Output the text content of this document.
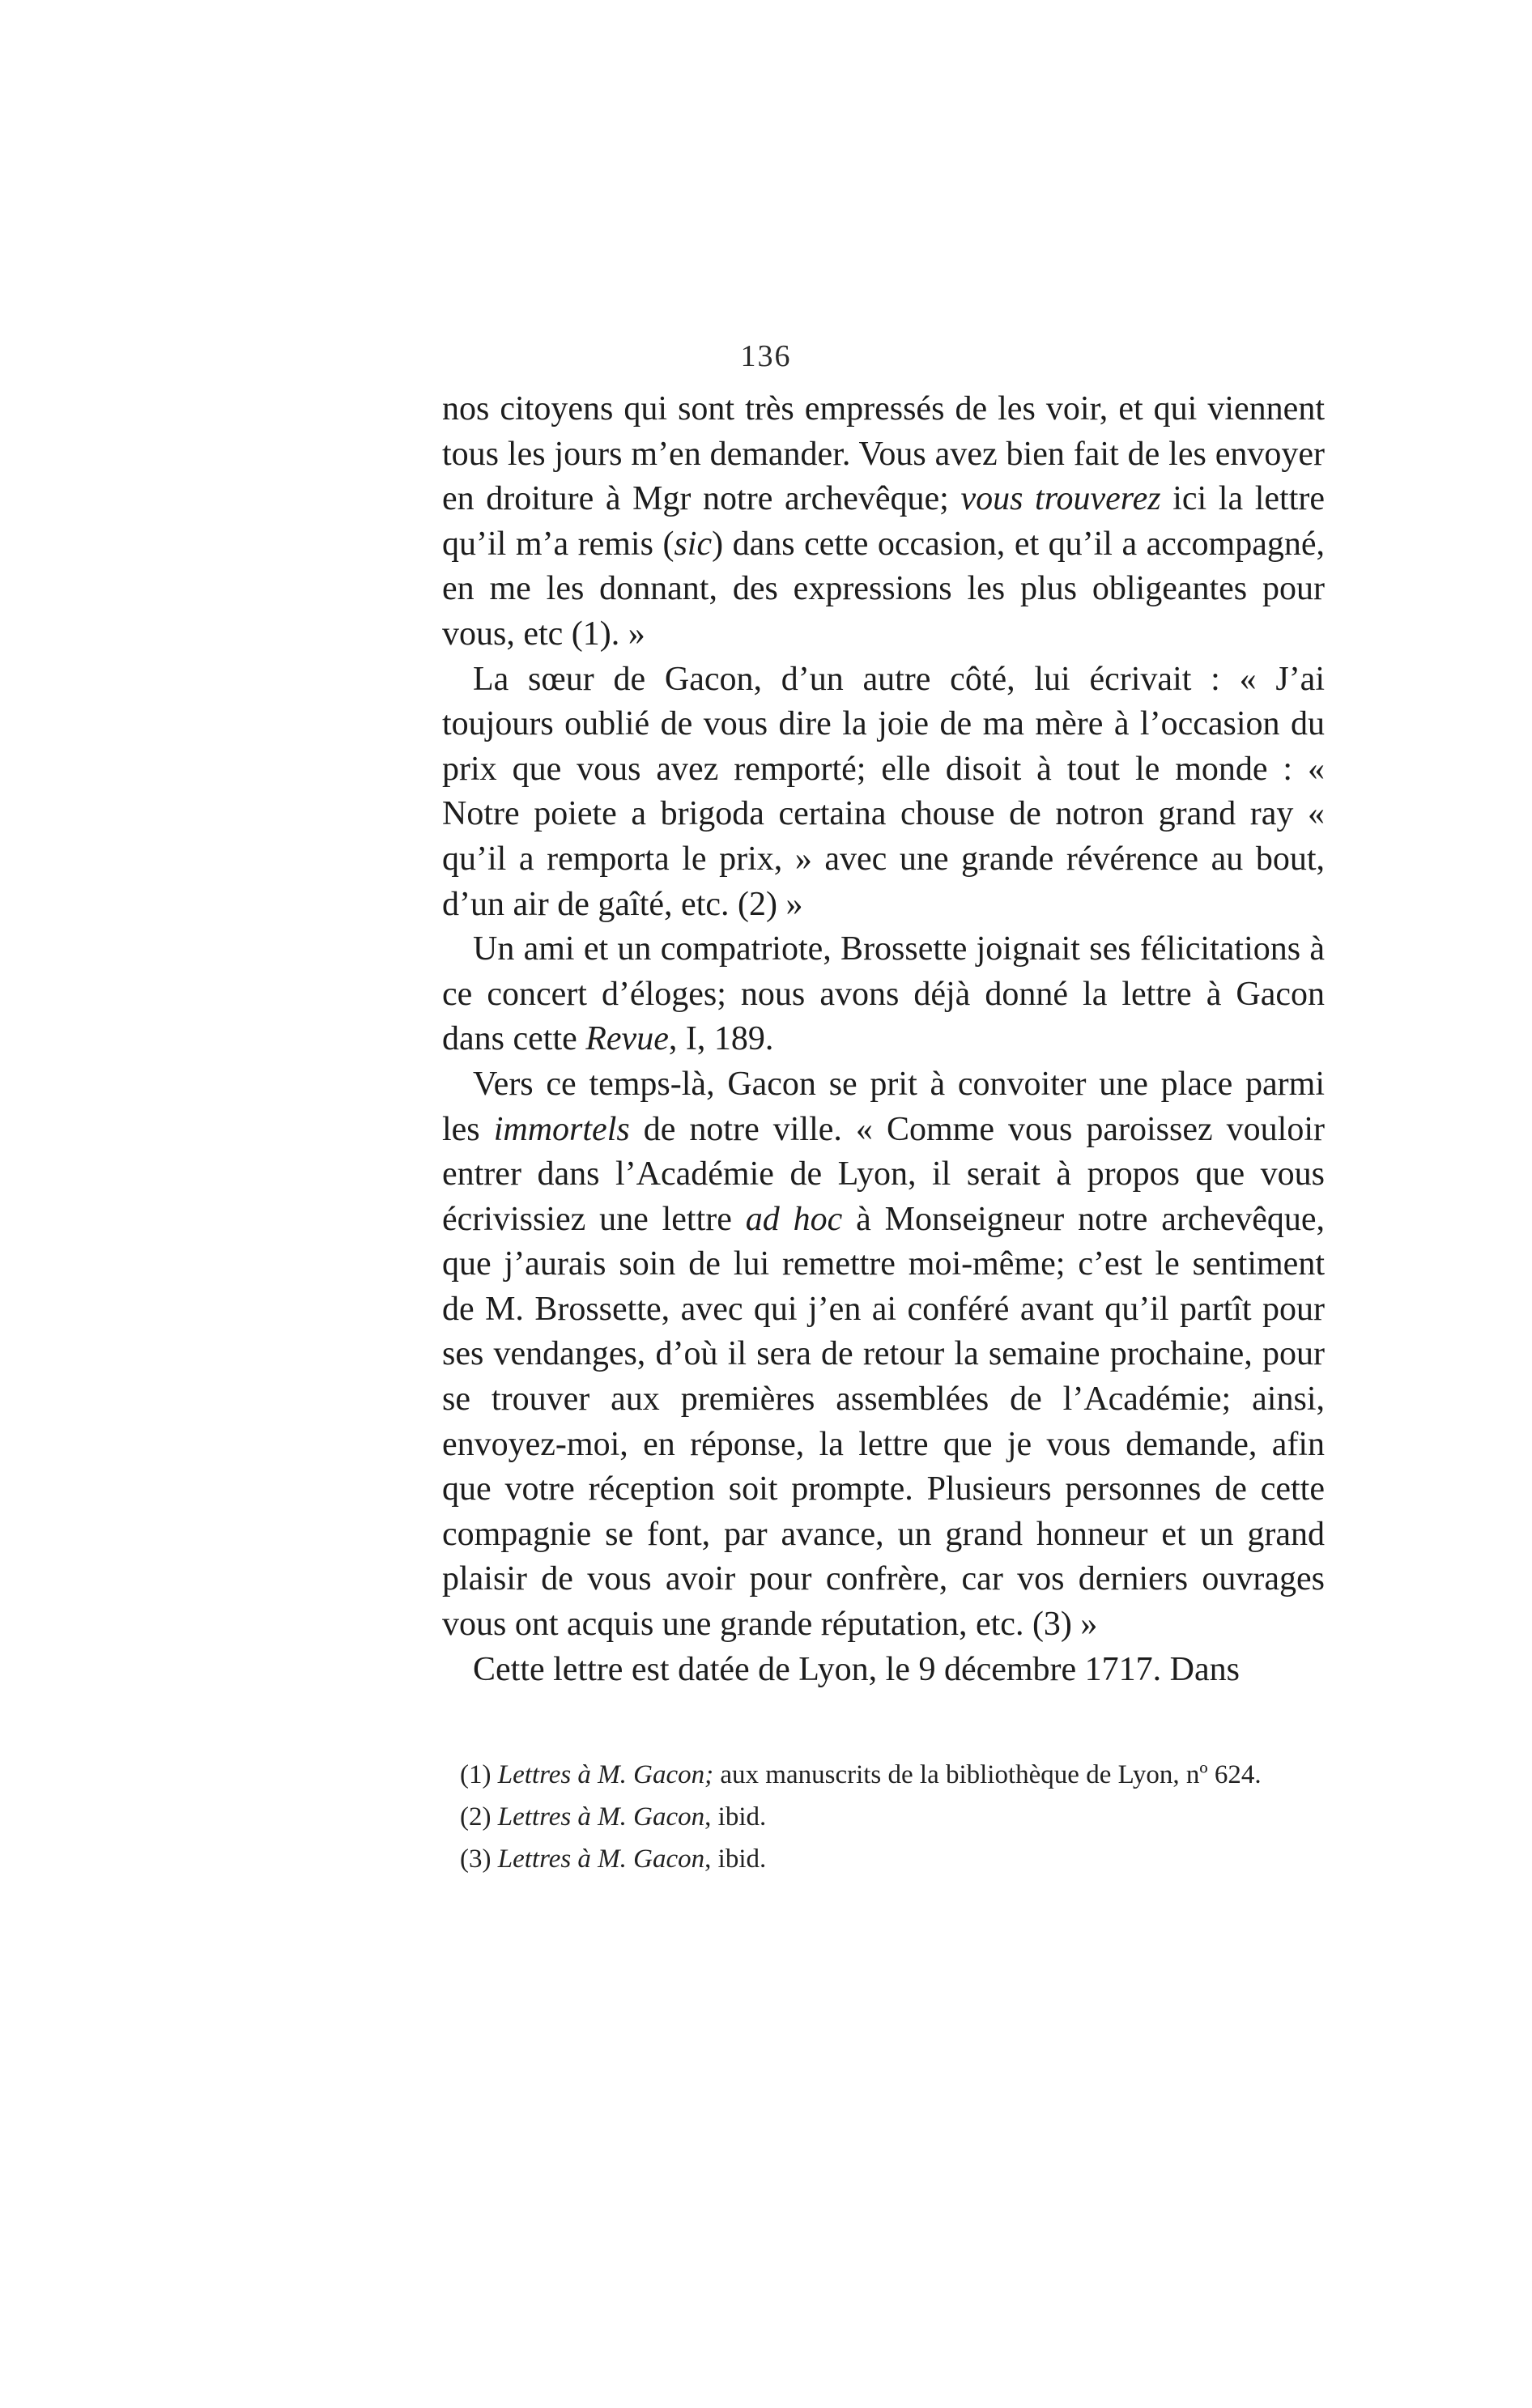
136

nos citoyens qui sont très empressés de les voir, et qui viennent tous les jours m’en demander. Vous avez bien fait de les envoyer en droiture à Mgr notre archevêque; vous trouverez ici la lettre qu’il m’a remis (sic) dans cette occasion, et qu’il a accompagné, en me les donnant, des expressions les plus obligeantes pour vous, etc (1). »

La sœur de Gacon, d’un autre côté, lui écrivait : « J’ai toujours oublié de vous dire la joie de ma mère à l’occasion du prix que vous avez remporté; elle disoit à tout le monde : « Notre poiete a brigoda certaina chouse de notron grand ray « qu’il a remporta le prix, » avec une grande révérence au bout, d’un air de gaîté, etc. (2) »

Un ami et un compatriote, Brossette joignait ses félicitations à ce concert d’éloges; nous avons déjà donné la lettre à Gacon dans cette Revue, I, 189.

Vers ce temps-là, Gacon se prit à convoiter une place parmi les immortels de notre ville. « Comme vous paroissez vouloir entrer dans l’Académie de Lyon, il serait à propos que vous écrivissiez une lettre ad hoc à Monseigneur notre archevêque, que j’aurais soin de lui remettre moi-même; c’est le sentiment de M. Brossette, avec qui j’en ai conféré avant qu’il partît pour ses vendanges, d’où il sera de retour la semaine prochaine, pour se trouver aux premières assemblées de l’Académie; ainsi, envoyez-moi, en réponse, la lettre que je vous demande, afin que votre réception soit prompte. Plusieurs personnes de cette compagnie se font, par avance, un grand honneur et un grand plaisir de vous avoir pour confrère, car vos derniers ouvrages vous ont acquis une grande réputation, etc. (3) »

Cette lettre est datée de Lyon, le 9 décembre 1717. Dans

(1) Lettres à M. Gacon; aux manuscrits de la bibliothèque de Lyon, nº 624.

(2) Lettres à M. Gacon, ibid.

(3) Lettres à M. Gacon, ibid.
